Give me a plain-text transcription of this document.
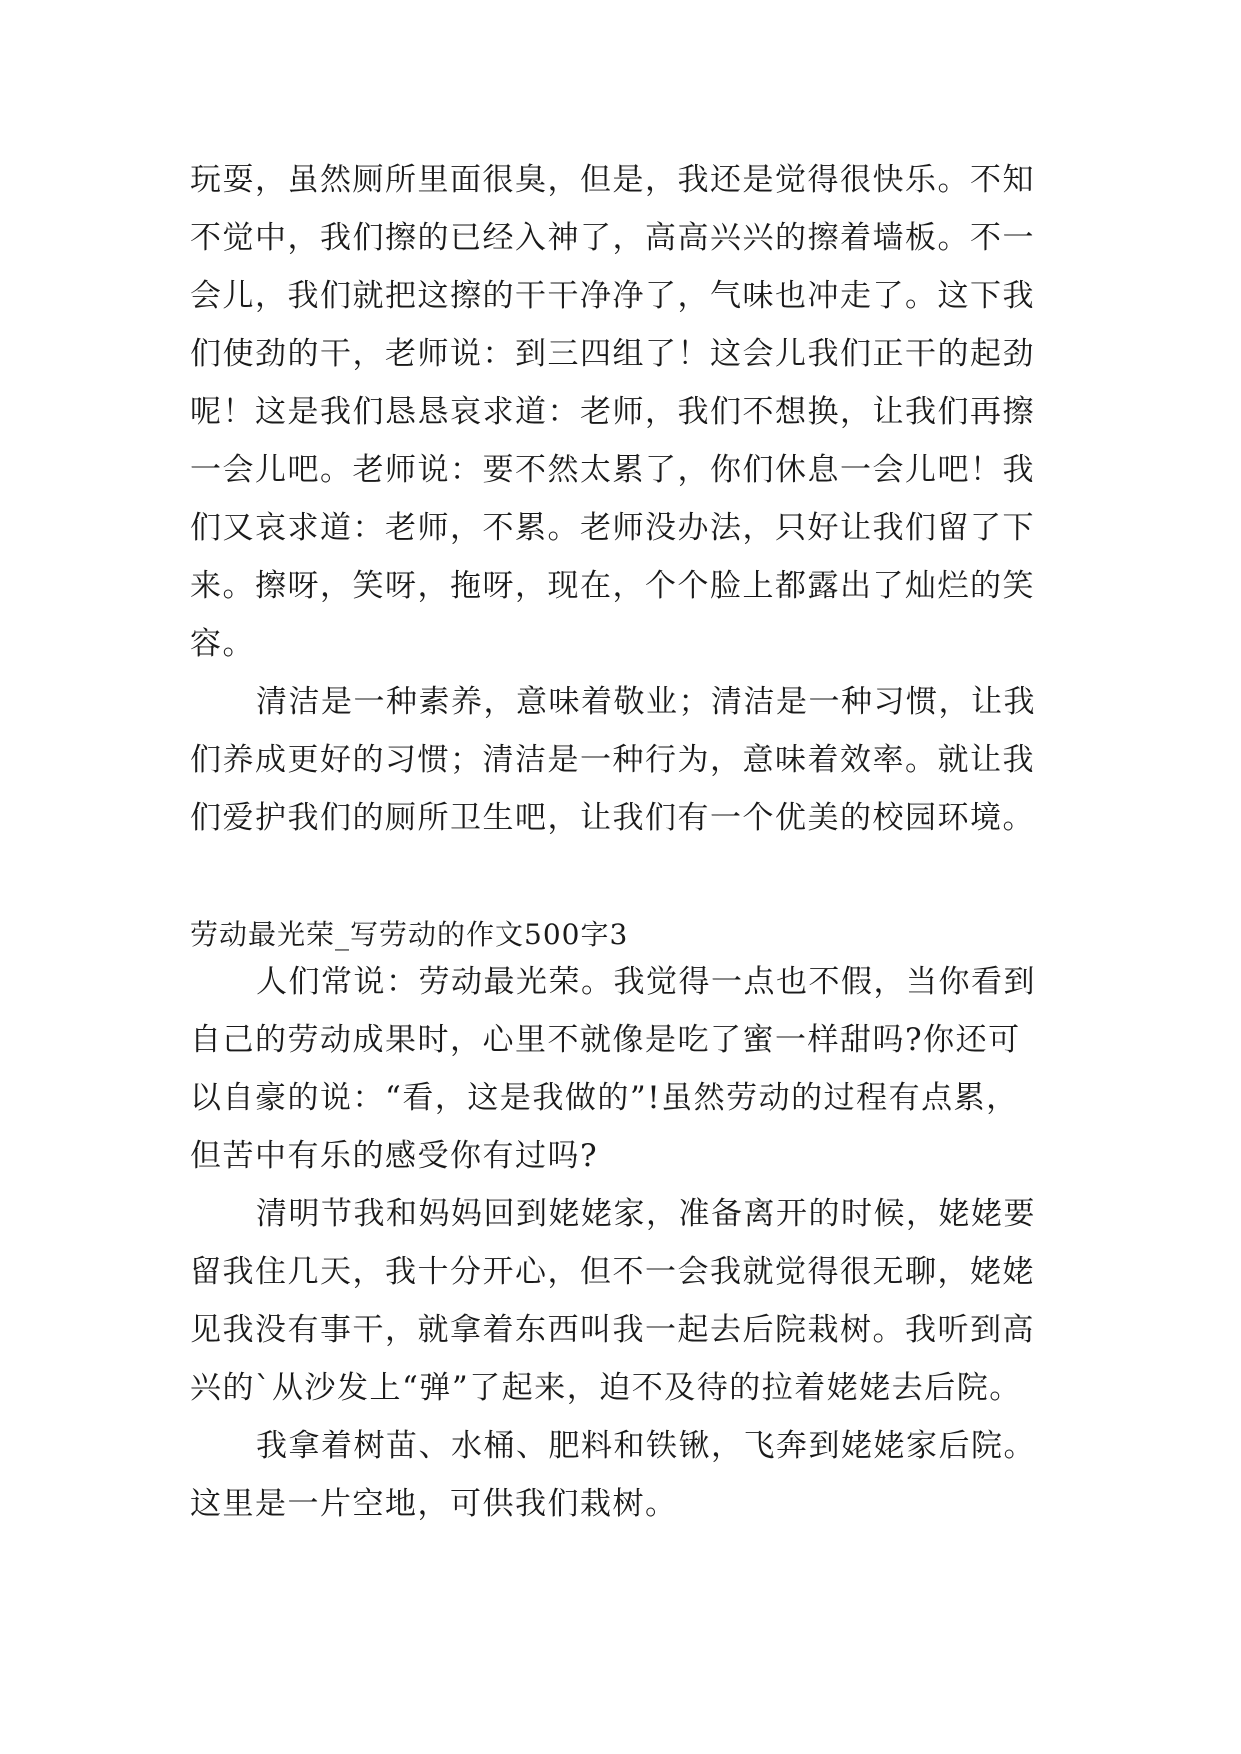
玩耍，虽然厕所里面很臭，但是，我还是觉得很快乐。不知
不觉中，我们擦的已经入神了，高高兴兴的擦着墙板。不一
会儿，我们就把这擦的干干净净了，气味也冲走了。这下我
们使劲的干，老师说：到三四组了！这会儿我们正干的起劲
呢！这是我们恳恳哀求道：老师，我们不想换，让我们再擦
一会儿吧。老师说：要不然太累了，你们休息一会儿吧！我
们又哀求道：老师，不累。老师没办法，只好让我们留了下
来。擦呀，笑呀，拖呀，现在，个个脸上都露出了灿烂的笑
容。
清洁是一种素养，意味着敬业；清洁是一种习惯，让我
们养成更好的习惯；清洁是一种行为，意味着效率。就让我
们爱护我们的厕所卫生吧，让我们有一个优美的校园环境。
劳动最光荣_写劳动的作文500字3
人们常说：劳动最光荣。我觉得一点也不假，当你看到
自己的劳动成果时，心里不就像是吃了蜜一样甜吗?你还可
以自豪的说：“看，这是我做的”!虽然劳动的过程有点累，
但苦中有乐的感受你有过吗?
清明节我和妈妈回到姥姥家，准备离开的时候，姥姥要
留我住几天，我十分开心，但不一会我就觉得很无聊，姥姥
见我没有事干，就拿着东西叫我一起去后院栽树。我听到高
兴的`从沙发上“弹”了起来，迫不及待的拉着姥姥去后院。
我拿着树苗、水桶、肥料和铁锹，飞奔到姥姥家后院。
这里是一片空地，可供我们栽树。
